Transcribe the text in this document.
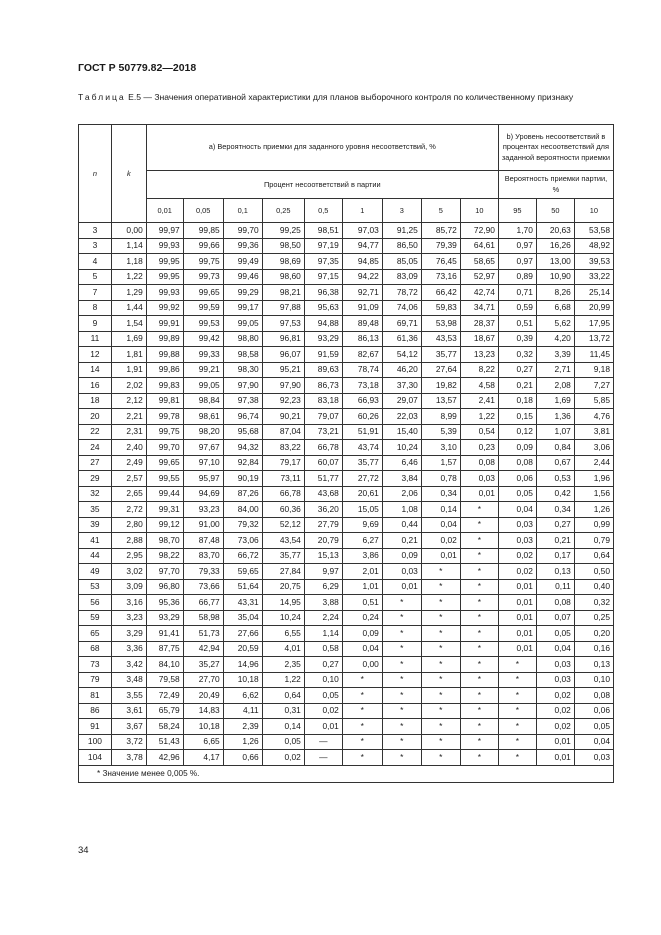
ГОСТ Р 50779.82—2018
Таблица Е.5 — Значения оперативной характеристики для планов выборочного контроля по количественному признаку
n	k	а) Вероятность приемки для заданного уровня несоответствий, %									b) Уровень несоответствий в процентах несоответствий для заданной вероятности приемки		
		Процент несоответствий в партии									Вероятность приемки партии, %		
		0,01	0,05	0,1	0,25	0,5	1	3	5	10	95	50	10
3	0,00	99,97	99,85	99,70	99,25	98,51	97,03	91,25	85,72	72,90	1,70	20,63	53,58
3	1,14	99,93	99,66	99,36	98,50	97,19	94,77	86,50	79,39	64,61	0,97	16,26	48,92
4	1,18	99,95	99,75	99,49	98,69	97,35	94,85	85,05	76,45	58,65	0,97	13,00	39,53
5	1,22	99,95	99,73	99,46	98,60	97,15	94,22	83,09	73,16	52,97	0,89	10,90	33,22
7	1,29	99,93	99,65	99,29	98,21	96,38	92,71	78,72	66,42	42,74	0,71	8,26	25,14
8	1,44	99,92	99,59	99,17	97,88	95,63	91,09	74,06	59,83	34,71	0,59	6,68	20,99
9	1,54	99,91	99,53	99,05	97,53	94,88	89,48	69,71	53,98	28,37	0,51	5,62	17,95
11	1,69	99,89	99,42	98,80	96,81	93,29	86,13	61,36	43,53	18,67	0,39	4,20	13,72
12	1,81	99,88	99,33	98,58	96,07	91,59	82,67	54,12	35,77	13,23	0,32	3,39	11,45
14	1,91	99,86	99,21	98,30	95,21	89,63	78,74	46,20	27,64	8,22	0,27	2,71	9,18
16	2,02	99,83	99,05	97,90	97,90	86,73	73,18	37,30	19,82	4,58	0,21	2,08	7,27
18	2,12	99,81	98,84	97,38	92,23	83,18	66,93	29,07	13,57	2,41	0,18	1,69	5,85
20	2,21	99,78	98,61	96,74	90,21	79,07	60,26	22,03	8,99	1,22	0,15	1,36	4,76
22	2,31	99,75	98,20	95,68	87,04	73,21	51,91	15,40	5,39	0,54	0,12	1,07	3,81
24	2,40	99,70	97,67	94,32	83,22	66,78	43,74	10,24	3,10	0,23	0,09	0,84	3,06
27	2,49	99,65	97,10	92,84	79,17	60,07	35,77	6,46	1,57	0,08	0,08	0,67	2,44
29	2,57	99,55	95,97	90,19	73,11	51,77	27,72	3,84	0,78	0,03	0,06	0,53	1,96
32	2,65	99,44	94,69	87,26	66,78	43,68	20,61	2,06	0,34	0,01	0,05	0,42	1,56
35	2,72	99,31	93,23	84,00	60,36	36,20	15,05	1,08	0,14	*	0,04	0,34	1,26
39	2,80	99,12	91,00	79,32	52,12	27,79	9,69	0,44	0,04	*	0,03	0,27	0,99
41	2,88	98,70	87,48	73,06	43,54	20,79	6,27	0,21	0,02	*	0,03	0,21	0,79
44	2,95	98,22	83,70	66,72	35,77	15,13	3,86	0,09	0,01	*	0,02	0,17	0,64
49	3,02	97,70	79,33	59,65	27,84	9,97	2,01	0,03	*	*	0,02	0,13	0,50
53	3,09	96,80	73,66	51,64	20,75	6,29	1,01	0,01	*	*	0,01	0,11	0,40
56	3,16	95,36	66,77	43,31	14,95	3,88	0,51	*	*	*	0,01	0,08	0,32
59	3,23	93,29	58,98	35,04	10,24	2,24	0,24	*	*	*	0,01	0,07	0,25
65	3,29	91,41	51,73	27,66	6,55	1,14	0,09	*	*	*	0,01	0,05	0,20
68	3,36	87,75	42,94	20,59	4,01	0,58	0,04	*	*	*	0,01	0,04	0,16
73	3,42	84,10	35,27	14,96	2,35	0,27	0,00	*	*	*	*	0,03	0,13
79	3,48	79,58	27,70	10,18	1,22	0,10	*	*	*	*	*	0,03	0,10
81	3,55	72,49	20,49	6,62	0,64	0,05	*	*	*	*	*	0,02	0,08
86	3,61	65,79	14,83	4,11	0,31	0,02	*	*	*	*	*	0,02	0,06
91	3,67	58,24	10,18	2,39	0,14	0,01	*	*	*	*	*	0,02	0,05
100	3,72	51,43	6,65	1,26	0,05	—	*	*	*	*	*	0,01	0,04
104	3,78	42,96	4,17	0,66	0,02	—	*	*	*	*	*	0,01	0,03
* Значение менее 0,005 %.													
34
